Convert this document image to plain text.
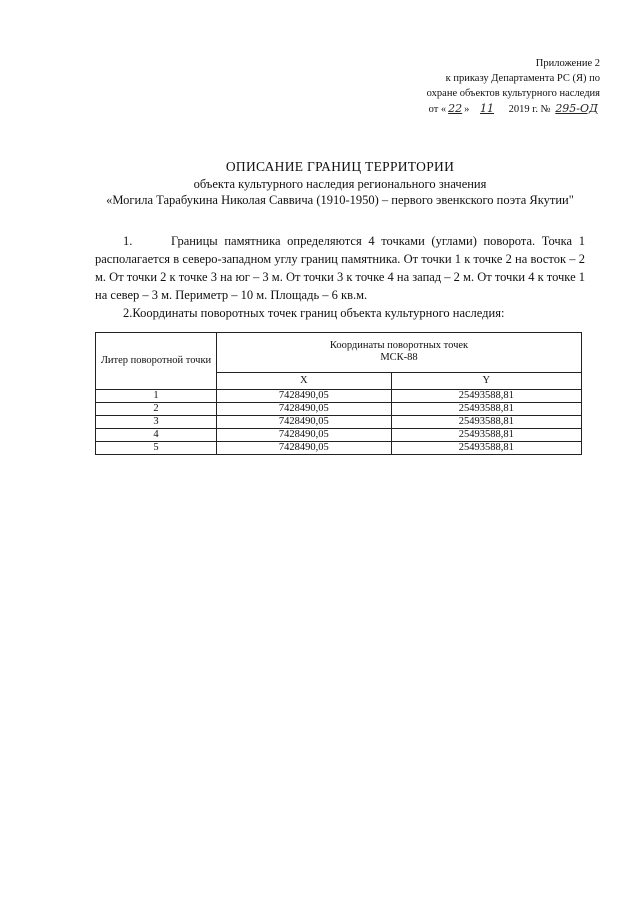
Приложение 2
к приказу Департамента РС (Я) по
охране объектов культурного наследия
от « 22 » 11 2019 г. № 295-ОД
ОПИСАНИЕ ГРАНИЦ ТЕРРИТОРИИ
объекта культурного наследия регионального значения
«Могила Тарабукина Николая Саввича (1910-1950) – первого эвенкского поэта Якутии"

1.	Границы памятника определяются 4 точками (углами) поворота. Точка 1 располагается в северо-западном углу границ памятника. От точки 1 к точке 2 на восток – 2 м. От точки 2 к точке 3 на юг – 3 м. От точки 3 к точке 4 на запад – 2 м. От точки 4 к точке 1 на север – 3 м. Периметр – 10 м. Площадь – 6 кв.м.

2.Координаты поворотных точек границ объекта культурного наследия:

Литер поворотной точки	Координаты поворотных точек
МСК-88	

	X	Y
1	7428490,05	25493588,81
2	7428490,05	25493588,81
3	7428490,05	25493588,81
4	7428490,05	25493588,81
5	7428490,05	25493588,81
